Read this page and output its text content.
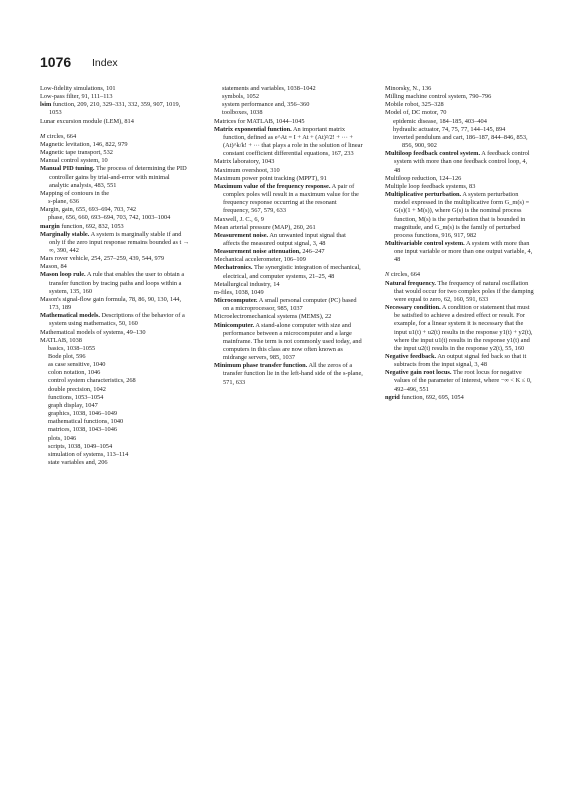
1076 Index

Low-fidelity simulations, 101

Low-pass filter, 91, 111–113

lsim function, 209, 210, 329–331, 332, 359, 907, 1019, 1053

Lunar excursion module (LEM), 814

M circles, 664

Magnetic levitation, 146, 822, 979

Magnetic tape transport, 532

Manual control system, 10

Manual PID tuning. The process of determining the PID controller gains by trial-and-error with minimal analytic analysis, 483, 551

Mapping of contours in the

s-plane, 636

Margin, gain, 655, 693–694, 703, 742

phase, 656, 660, 693–694, 703, 742, 1003–1004

margin function, 692, 832, 1053

Marginally stable. A system is marginally stable if and only if the zero input response remains bounded as t → ∞, 390, 442

Mars rover vehicle, 254, 257–259, 439, 544, 979

Mason, 84

Mason loop rule. A rule that enables the user to obtain a transfer function by tracing paths and loops within a system, 135, 160

Mason's signal-flow gain formula, 78, 86, 90, 130, 144, 173, 189

Mathematical models. Descriptions of the behavior of a system using mathematics, 50, 160

Mathematical models of systems, 49–130

MATLAB, 1038

basics, 1038–1055

Bode plot, 596

as case sensitive, 1040

colon notation, 1046

control system characteristics, 268

double precision, 1042

functions, 1053–1054

graph display, 1047

graphics, 1038, 1046–1049

mathematical functions, 1040

matrices, 1038, 1043–1046

plots, 1046

scripts, 1038, 1049–1054

simulation of systems, 113–114

state variables and, 206

statements and variables, 1038–1042

symbols, 1052

system performance and, 356–360

toolboxes, 1038

Matrices for MATLAB, 1044–1045

Matrix exponential function. An important matrix function, defined as e^At = I + At + (At)²/2! + ··· + (At)^k/k! + ··· that plays a role in the solution of linear constant coefficient differential equations, 167, 233

Matrix laboratory, 1043

Maximum overshoot, 310

Maximum power point tracking (MPPT), 91

Maximum value of the frequency response. A pair of complex poles will result in a maximum value for the frequency response occurring at the resonant frequency, 567, 579, 633

Maxwell, J. C., 6, 9

Mean arterial pressure (MAP), 260, 261

Measurement noise. An unwanted input signal that affects the measured output signal, 3, 48

Measurement noise attenuation, 246–247

Mechanical accelerometer, 106–109

Mechatronics. The synergistic integration of mechanical, electrical, and computer systems, 21–25, 48

Metallurgical industry, 14

m-files, 1038, 1049

Microcomputer. A small personal computer (PC) based on a microprocessor, 985, 1037

Microelectromechanical systems (MEMS), 22

Minicomputer. A stand-alone computer with size and performance between a microcomputer and a large mainframe. The term is not commonly used today, and computers in this class are now often known as midrange servers, 985, 1037

Minimum phase transfer function. All the zeros of a transfer function lie in the left-hand side of the s-plane, 571, 633

Minorsky, N., 136

Milling machine control system, 790–796

Mobile robot, 325–328

Model of, DC motor, 70

epidemic disease, 184–185, 403–404

hydraulic actuator, 74, 75, 77, 144–145, 894

inverted pendulum and cart, 186–187, 844–846, 853, 856, 900, 902

Multiloop feedback control system. A feedback control system with more than one feedback control loop, 4, 48

Multiloop reduction, 124–126

Multiple loop feedback systems, 83

Multiplicative perturbation. A system perturbation model expressed in the multiplicative form G_m(s) = G(s)(1 + M(s)), where G(s) is the nominal process function, M(s) is the perturbation that is bounded in magnitude, and G_m(s) is the family of perturbed process functions, 916, 917, 982

Multivariable control system. A system with more than one input variable or more than one output variable, 4, 48

N circles, 664

Natural frequency. The frequency of natural oscillation that would occur for two complex poles if the damping were equal to zero, 62, 160, 591, 633

Necessary condition. A condition or statement that must be satisfied to achieve a desired effect or result. For example, for a linear system it is necessary that the input u1(t) + u2(t) results in the response y1(t) + y2(t), where the input u1(t) results in the response y1(t) and the input u2(t) results in the response y2(t), 55, 160

Negative feedback. An output signal fed back so that it subtracts from the input signal, 3, 48

Negative gain root locus. The root locus for negative values of the parameter of interest, where −∞ < K ≤ 0, 492–496, 551

ngrid function, 692, 695, 1054
